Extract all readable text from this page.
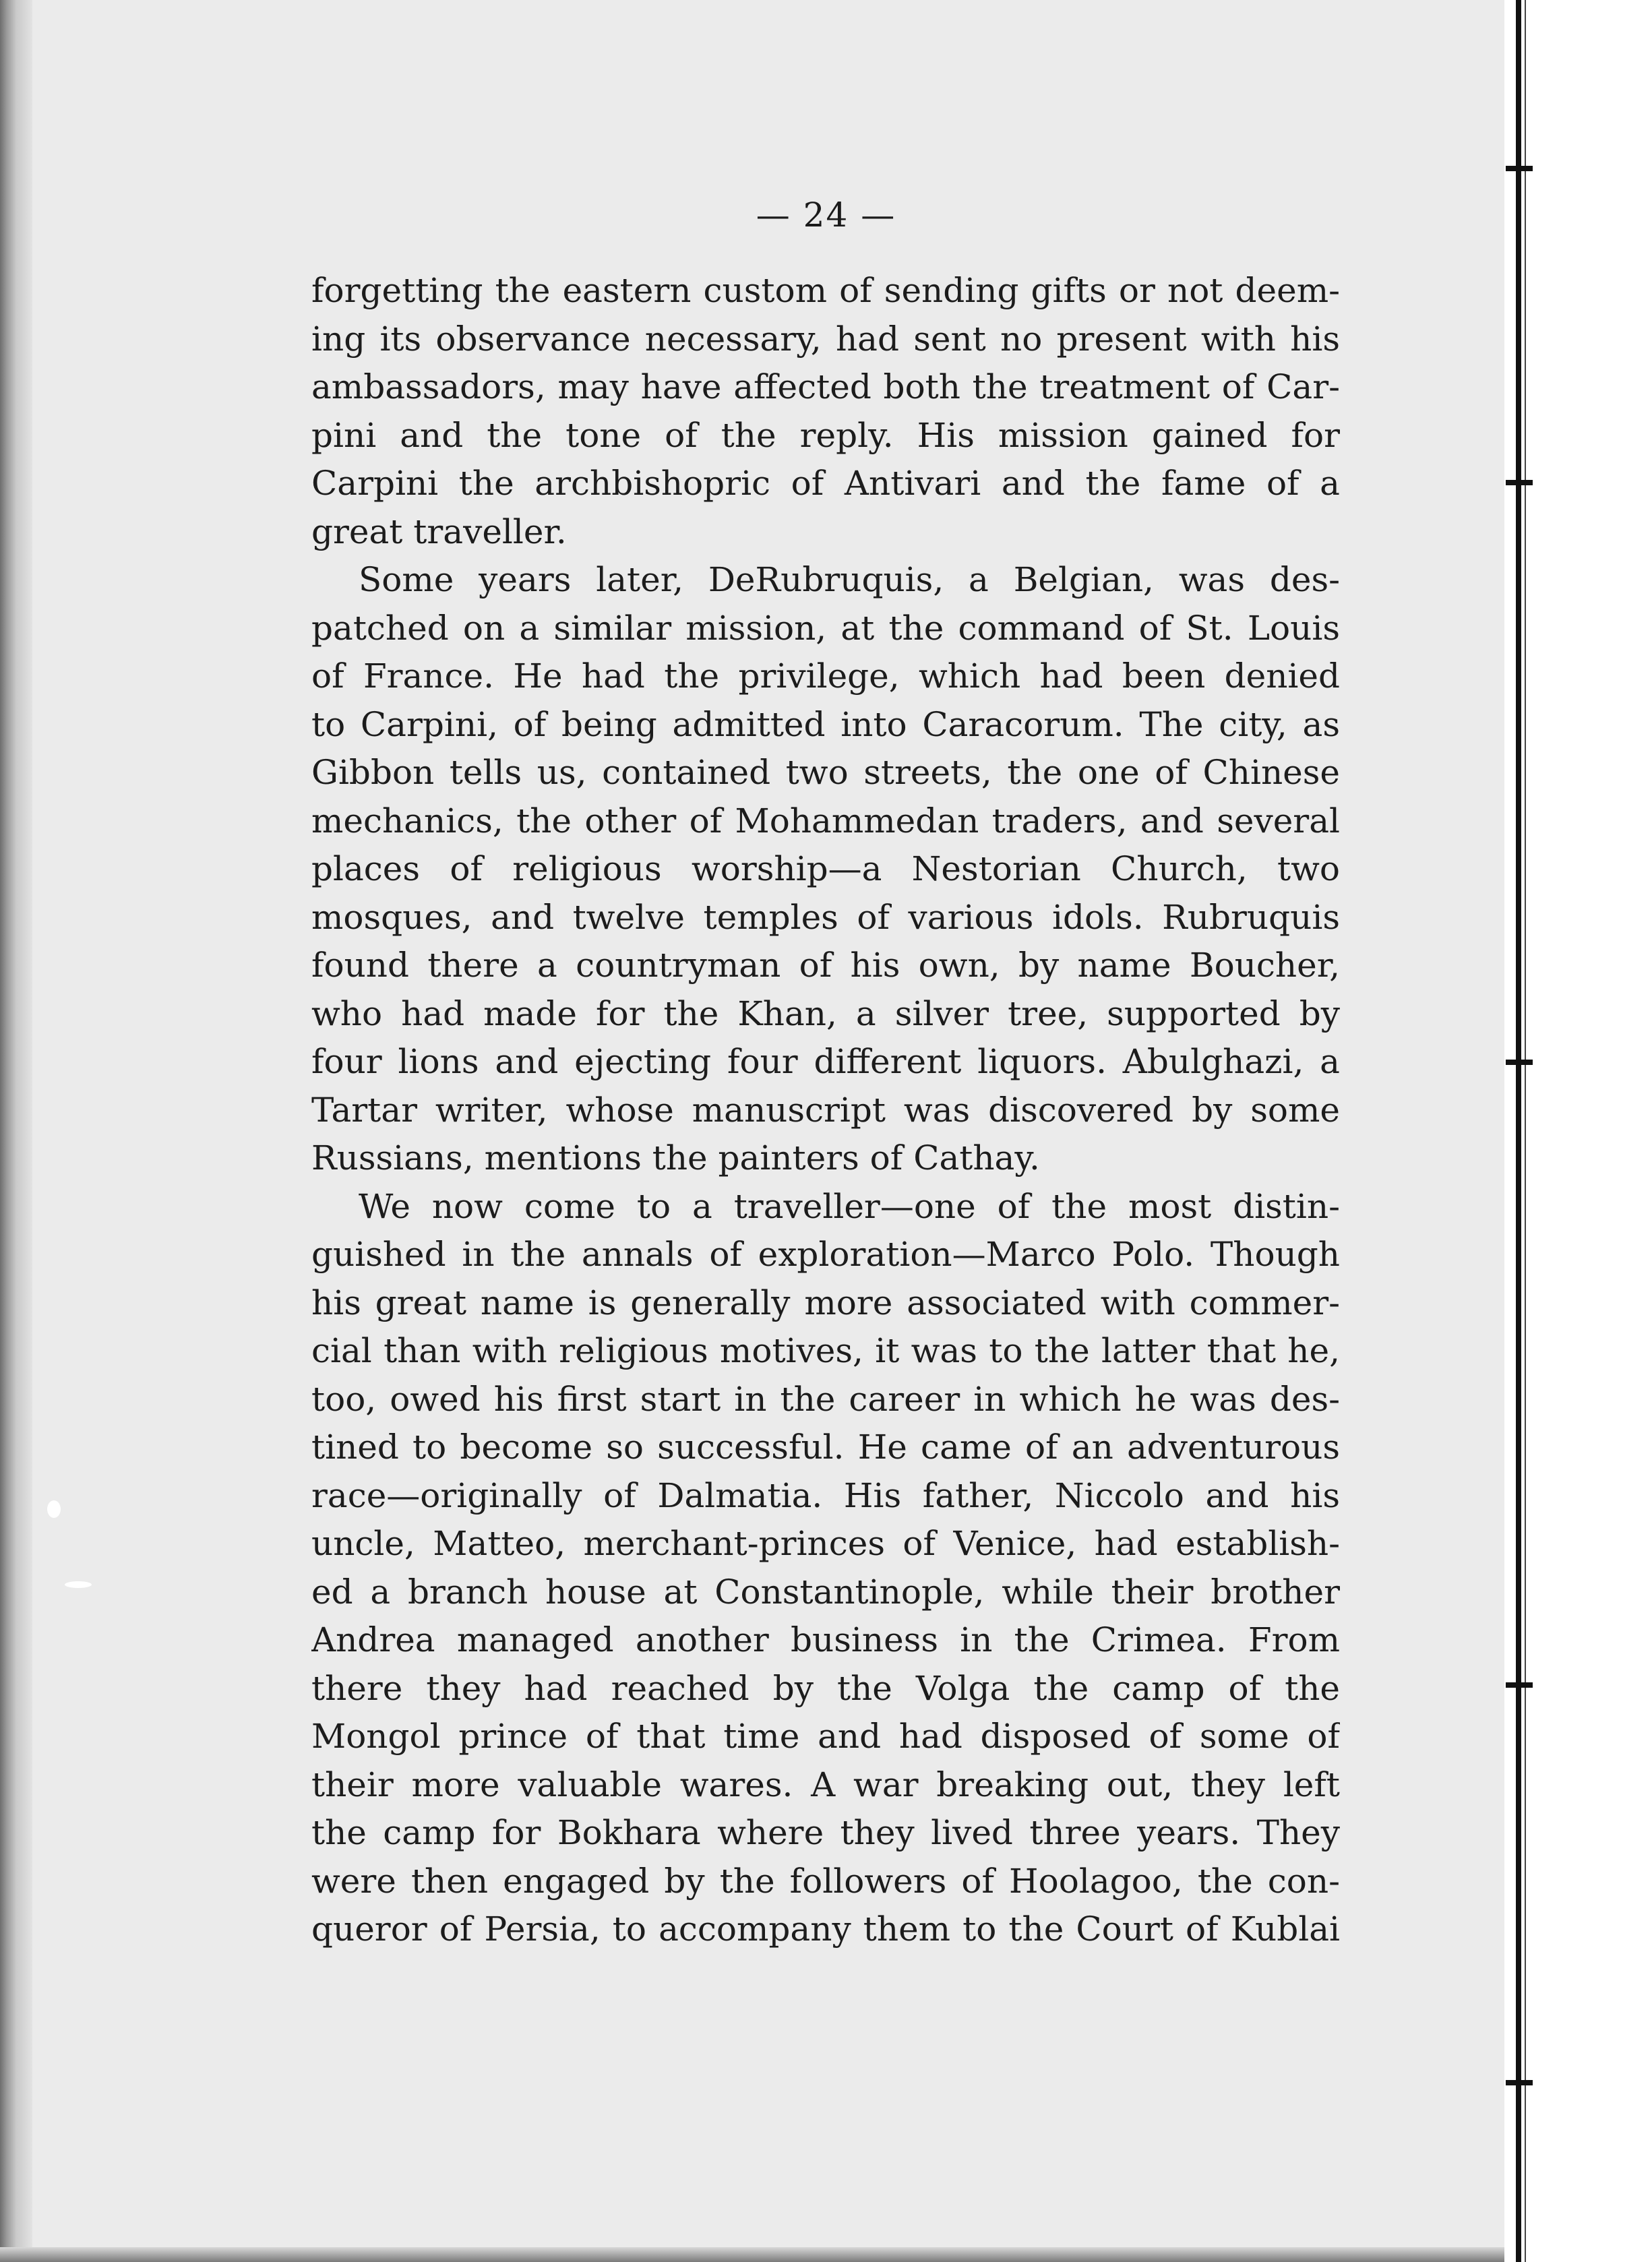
— 24 —
forgetting the eastern custom of sending gifts or not deem-
ing its observance necessary, had sent no present with his
ambassadors, may have affected both the treatment of Car-
pini and the tone of the reply. His mission gained for
Carpini the archbishopric of Antivari and the fame of a
great traveller.
Some years later, DeRubruquis, a Belgian, was des-
patched on a similar mission, at the command of St. Louis
of France. He had the privilege, which had been denied
to Carpini, of being admitted into Caracorum. The city, as
Gibbon tells us, contained two streets, the one of Chinese
mechanics, the other of Mohammedan traders, and several
places of religious worship—a Nestorian Church, two
mosques, and twelve temples of various idols. Rubruquis
found there a countryman of his own, by name Boucher,
who had made for the Khan, a silver tree, supported by
four lions and ejecting four different liquors. Abulghazi, a
Tartar writer, whose manuscript was discovered by some
Russians, mentions the painters of Cathay.
We now come to a traveller—one of the most distin-
guished in the annals of exploration—Marco Polo. Though
his great name is generally more associated with commer-
cial than with religious motives, it was to the latter that he,
too, owed his first start in the career in which he was des-
tined to become so successful. He came of an adventurous
race—originally of Dalmatia. His father, Niccolo and his
uncle, Matteo, merchant-princes of Venice, had establish-
ed a branch house at Constantinople, while their brother
Andrea managed another business in the Crimea. From
there they had reached by the Volga the camp of the
Mongol prince of that time and had disposed of some of
their more valuable wares. A war breaking out, they left
the camp for Bokhara where they lived three years. They
were then engaged by the followers of Hoolagoo, the con-
queror of Persia, to accompany them to the Court of Kublai
